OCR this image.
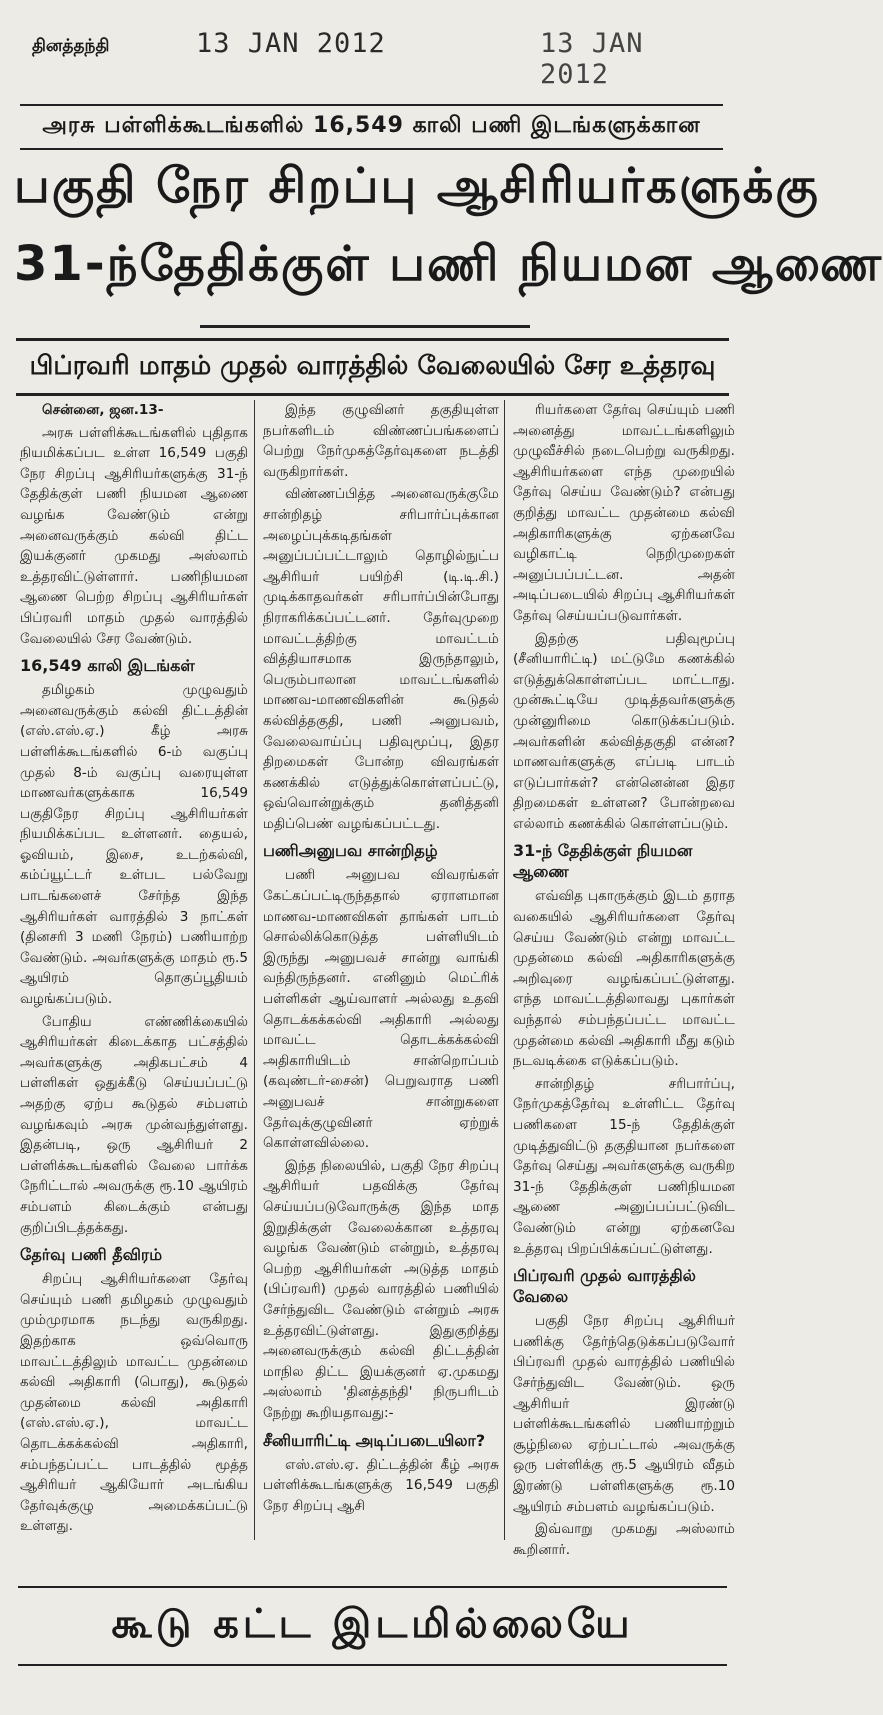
தினத்தந்தி	13 JAN 2012	13 JAN 2012
அரசு பள்ளிக்கூடங்களில் 16,549 காலி பணி இடங்களுக்கான
பகுதி நேர சிறப்பு ஆசிரியர்களுக்கு
31-ந்தேதிக்குள் பணி நியமன ஆணை
பிப்ரவரி மாதம் முதல் வாரத்தில் வேலையில் சேர உத்தரவு

சென்னை, ஜன.13-

அரசு பள்ளிக்கூடங்களில் புதிதாக நியமிக்கப்பட உள்ள 16,549 பகுதி நேர சிறப்பு ஆசிரியர்களுக்கு 31-ந் தேதிக்குள் பணி நியமன ஆணை வழங்க வேண்டும் என்று அனைவருக்கும் கல்வி திட்ட இயக்குனர் முகமது அஸ்லாம் உத்தரவிட்டுள்ளார். பணிநியமன ஆணை பெற்ற சிறப்பு ஆசிரியர்கள் பிப்ரவரி மாதம் முதல் வாரத்தில் வேலையில் சேர வேண்டும்.

16,549 காலி இடங்கள்

தமிழகம் முழுவதும் அனைவருக்கும் கல்வி திட்டத்தின் (எஸ்.எஸ்.ஏ.) கீழ் அரசு பள்ளிக்கூடங்களில் 6-ம் வகுப்பு முதல் 8-ம் வகுப்பு வரையுள்ள மாணவர்களுக்காக 16,549 பகுதிநேர சிறப்பு ஆசிரியர்கள் நியமிக்கப்பட உள்ளனர். தையல், ஓவியம், இசை, உடற்கல்வி, கம்ப்யூட்டர் உள்பட பல்வேறு பாடங்களைச் சேர்ந்த இந்த ஆசிரியர்கள் வாரத்தில் 3 நாட்கள் (தினசரி 3 மணி நேரம்) பணியாற்ற வேண்டும். அவர்களுக்கு மாதம் ரூ.5 ஆயிரம் தொகுப்பூதியம் வழங்கப்படும்.

போதிய எண்ணிக்கையில் ஆசிரியர்கள் கிடைக்காத பட்சத்தில் அவர்களுக்கு அதிகபட்சம் 4 பள்ளிகள் ஒதுக்கீடு செய்யப்பட்டு அதற்கு ஏற்ப கூடுதல் சம்பளம் வழங்கவும் அரசு முன்வந்துள்ளது. இதன்படி, ஒரு ஆசிரியர் 2 பள்ளிக்கூடங்களில் வேலை பார்க்க நேரிட்டால் அவருக்கு ரூ.10 ஆயிரம் சம்பளம் கிடைக்கும் என்பது குறிப்பிடத்தக்கது.

தேர்வு பணி தீவிரம்

சிறப்பு ஆசிரியர்களை தேர்வு செய்யும் பணி தமிழகம் முழுவதும் மும்முரமாக நடந்து வருகிறது. இதற்காக ஒவ்வொரு மாவட்டத்திலும் மாவட்ட முதன்மை கல்வி அதிகாரி (பொது), கூடுதல் முதன்மை கல்வி அதிகாரி (எஸ்.எஸ்.ஏ.), மாவட்ட தொடக்கக்கல்வி அதிகாரி, சம்பந்தப்பட்ட பாடத்தில் மூத்த ஆசிரியர் ஆகியோர் அடங்கிய தேர்வுக்குழு அமைக்கப்பட்டு உள்ளது.

இந்த குழுவினர் தகுதியுள்ள நபர்களிடம் விண்ணப்பங்களைப் பெற்று நேர்முகத்தேர்வுகளை நடத்தி வருகிறார்கள்.

விண்ணப்பித்த அனைவருக்குமே சான்றிதழ் சரிபார்ப்புக்கான அழைப்புக்கடிதங்கள் அனுப்பப்பட்டாலும் தொழில்நுட்ப ஆசிரியர் பயிற்சி (டி.டி.சி.) முடிக்காதவர்கள் சரிபார்ப்பின்போது நிராகரிக்கப்பட்டனர். தேர்வுமுறை மாவட்டத்திற்கு மாவட்டம் வித்தியாசமாக இருந்தாலும், பெரும்பாலான மாவட்டங்களில் மாணவ-மாணவிகளின் கூடுதல் கல்வித்தகுதி, பணி அனுபவம், வேலைவாய்ப்பு பதிவுமூப்பு, இதர திறமைகள் போன்ற விவரங்கள் கணக்கில் எடுத்துக்கொள்ளப்பட்டு, ஒவ்வொன்றுக்கும் தனித்தனி மதிப்பெண் வழங்கப்பட்டது.

பணிஅனுபவ சான்றிதழ்

பணி அனுபவ விவரங்கள் கேட்கப்பட்டிருந்ததால் ஏராளமான மாணவ-மாணவிகள் தாங்கள் பாடம் சொல்லிக்கொடுத்த பள்ளியிடம் இருந்து அனுபவச் சான்று வாங்கி வந்திருந்தனர். எனினும் மெட்ரிக் பள்ளிகள் ஆய்வாளர் அல்லது உதவி தொடக்கக்கல்வி அதிகாரி அல்லது மாவட்ட தொடக்கக்கல்வி அதிகாரியிடம் சான்றொப்பம் (கவுண்டர்-சைன்) பெறுவராத பணி அனுபவச் சான்றுகளை தேர்வுக்குழுவினர் ஏற்றுக் கொள்ளவில்லை.

இந்த நிலையில், பகுதி நேர சிறப்பு ஆசிரியர் பதவிக்கு தேர்வு செய்யப்படுவோருக்கு இந்த மாத இறுதிக்குள் வேலைக்கான உத்தரவு வழங்க வேண்டும் என்றும், உத்தரவு பெற்ற ஆசிரியர்கள் அடுத்த மாதம் (பிப்ரவரி) முதல் வாரத்தில் பணியில் சேர்ந்துவிட வேண்டும் என்றும் அரசு உத்தரவிட்டுள்ளது. இதுகுறித்து அனைவருக்கும் கல்வி திட்டத்தின் மாநில திட்ட இயக்குனர் ஏ.முகமது அஸ்லாம் 'தினத்தந்தி' நிருபரிடம் நேற்று கூறியதாவது:-

சீனியாரிட்டி அடிப்படையிலா?

எஸ்.எஸ்.ஏ. திட்டத்தின் கீழ் அரசு பள்ளிக்கூடங்களுக்கு 16,549 பகுதி நேர சிறப்பு ஆசி

ரியர்களை தேர்வு செய்யும் பணி அனைத்து மாவட்டங்களிலும் முழுவீச்சில் நடைபெற்று வருகிறது. ஆசிரியர்களை எந்த முறையில் தேர்வு செய்ய வேண்டும்? என்பது குறித்து மாவட்ட முதன்மை கல்வி அதிகாரிகளுக்கு ஏற்கனவே வழிகாட்டி நெறிமுறைகள் அனுப்பப்பட்டன. அதன் அடிப்படையில் சிறப்பு ஆசிரியர்கள் தேர்வு செய்யப்படுவார்கள்.

இதற்கு பதிவுமூப்பு (சீனியாரிட்டி) மட்டுமே கணக்கில் எடுத்துக்கொள்ளப்பட மாட்டாது. முன்கூட்டியே முடித்தவர்களுக்கு முன்னுரிமை கொடுக்கப்படும். அவர்களின் கல்வித்தகுதி என்ன? மாணவர்களுக்கு எப்படி பாடம் எடுப்பார்கள்? என்னென்ன இதர திறமைகள் உள்ளன? போன்றவை எல்லாம் கணக்கில் கொள்ளப்படும்.

31-ந் தேதிக்குள் நியமன ஆணை

எவ்வித புகாருக்கும் இடம் தராத வகையில் ஆசிரியர்களை தேர்வு செய்ய வேண்டும் என்று மாவட்ட முதன்மை கல்வி அதிகாரிகளுக்கு அறிவுரை வழங்கப்பட்டுள்ளது. எந்த மாவட்டத்திலாவது புகார்கள் வந்தால் சம்பந்தப்பட்ட மாவட்ட முதன்மை கல்வி அதிகாரி மீது கடும் நடவடிக்கை எடுக்கப்படும்.

சான்றிதழ் சரிபார்ப்பு, நேர்முகத்தேர்வு உள்ளிட்ட தேர்வு பணிகளை 15-ந் தேதிக்குள் முடித்துவிட்டு தகுதியான நபர்களை தேர்வு செய்து அவர்களுக்கு வருகிற 31-ந் தேதிக்குள் பணிநியமன ஆணை அனுப்பப்பட்டுவிட வேண்டும் என்று ஏற்கனவே உத்தரவு பிறப்பிக்கப்பட்டுள்ளது.

பிப்ரவரி முதல் வாரத்தில் வேலை

பகுதி நேர சிறப்பு ஆசிரியர் பணிக்கு தேர்ந்தெடுக்கப்படுவோர் பிப்ரவரி முதல் வாரத்தில் பணியில் சேர்ந்துவிட வேண்டும். ஒரு ஆசிரியர் இரண்டு பள்ளிக்கூடங்களில் பணியாற்றும் சூழ்நிலை ஏற்பட்டால் அவருக்கு ஒரு பள்ளிக்கு ரூ.5 ஆயிரம் வீதம் இரண்டு பள்ளிகளுக்கு ரூ.10 ஆயிரம் சம்பளம் வழங்கப்படும்.

இவ்வாறு முகமது அஸ்லாம் கூறினார்.

கூடு கட்ட இடமில்லையே
